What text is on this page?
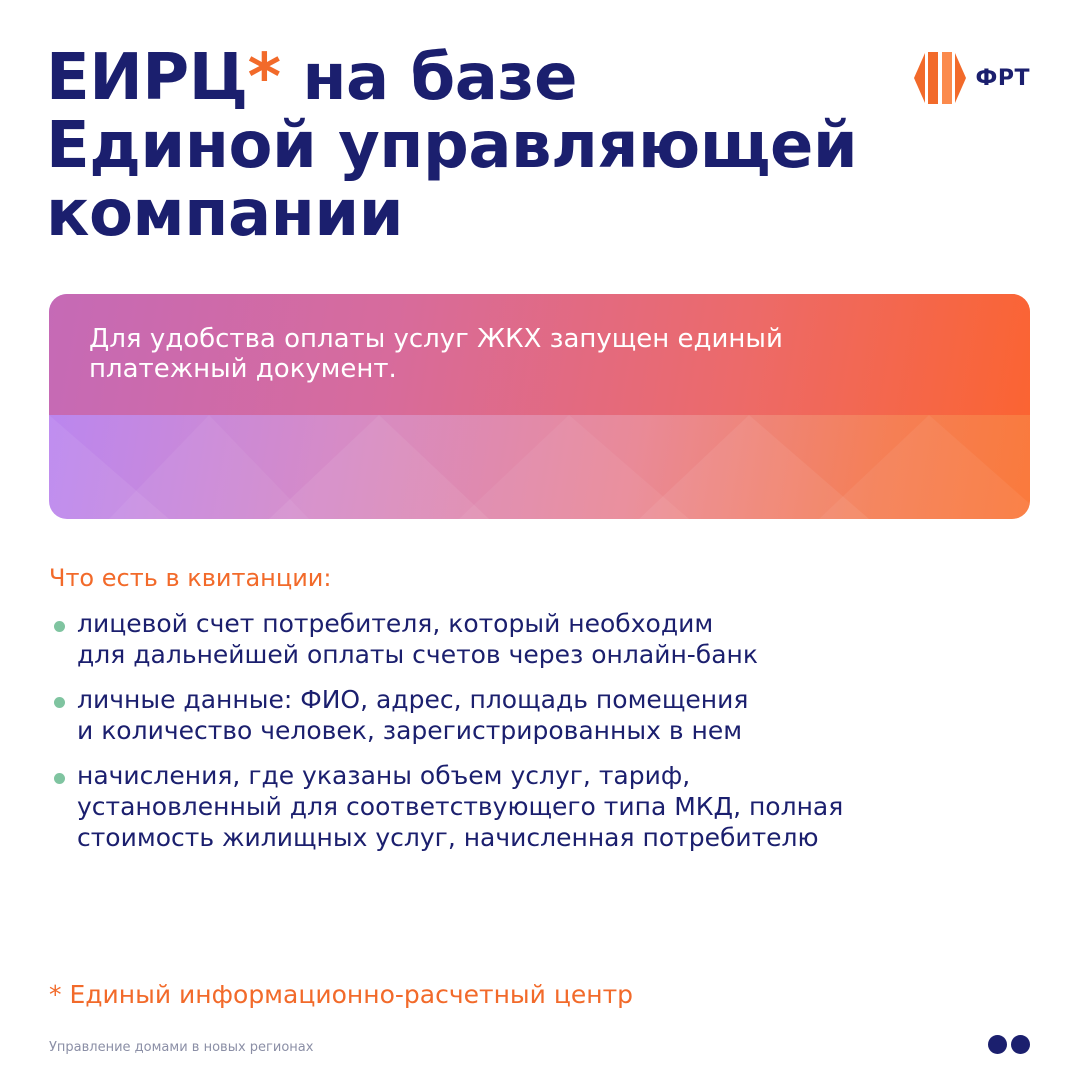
ЕИРЦ* на базе
Единой управляющей
компании
ФРТ

Для удобства оплаты услуг ЖКХ запущен единый
платежный документ.

Что есть в квитанции:
лицевой счет потребителя, который необходим
для дальнейшей оплаты счетов через онлайн-банк
личные данные: ФИО, адрес, площадь помещения
и количество человек, зарегистрированных в нем
начисления, где указаны объем услуг, тариф,
установленный для соответствующего типа МКД, полная
стоимость жилищных услуг, начисленная потребителю

* Единый информационно-расчетный центр

Управление домами в новых регионах
